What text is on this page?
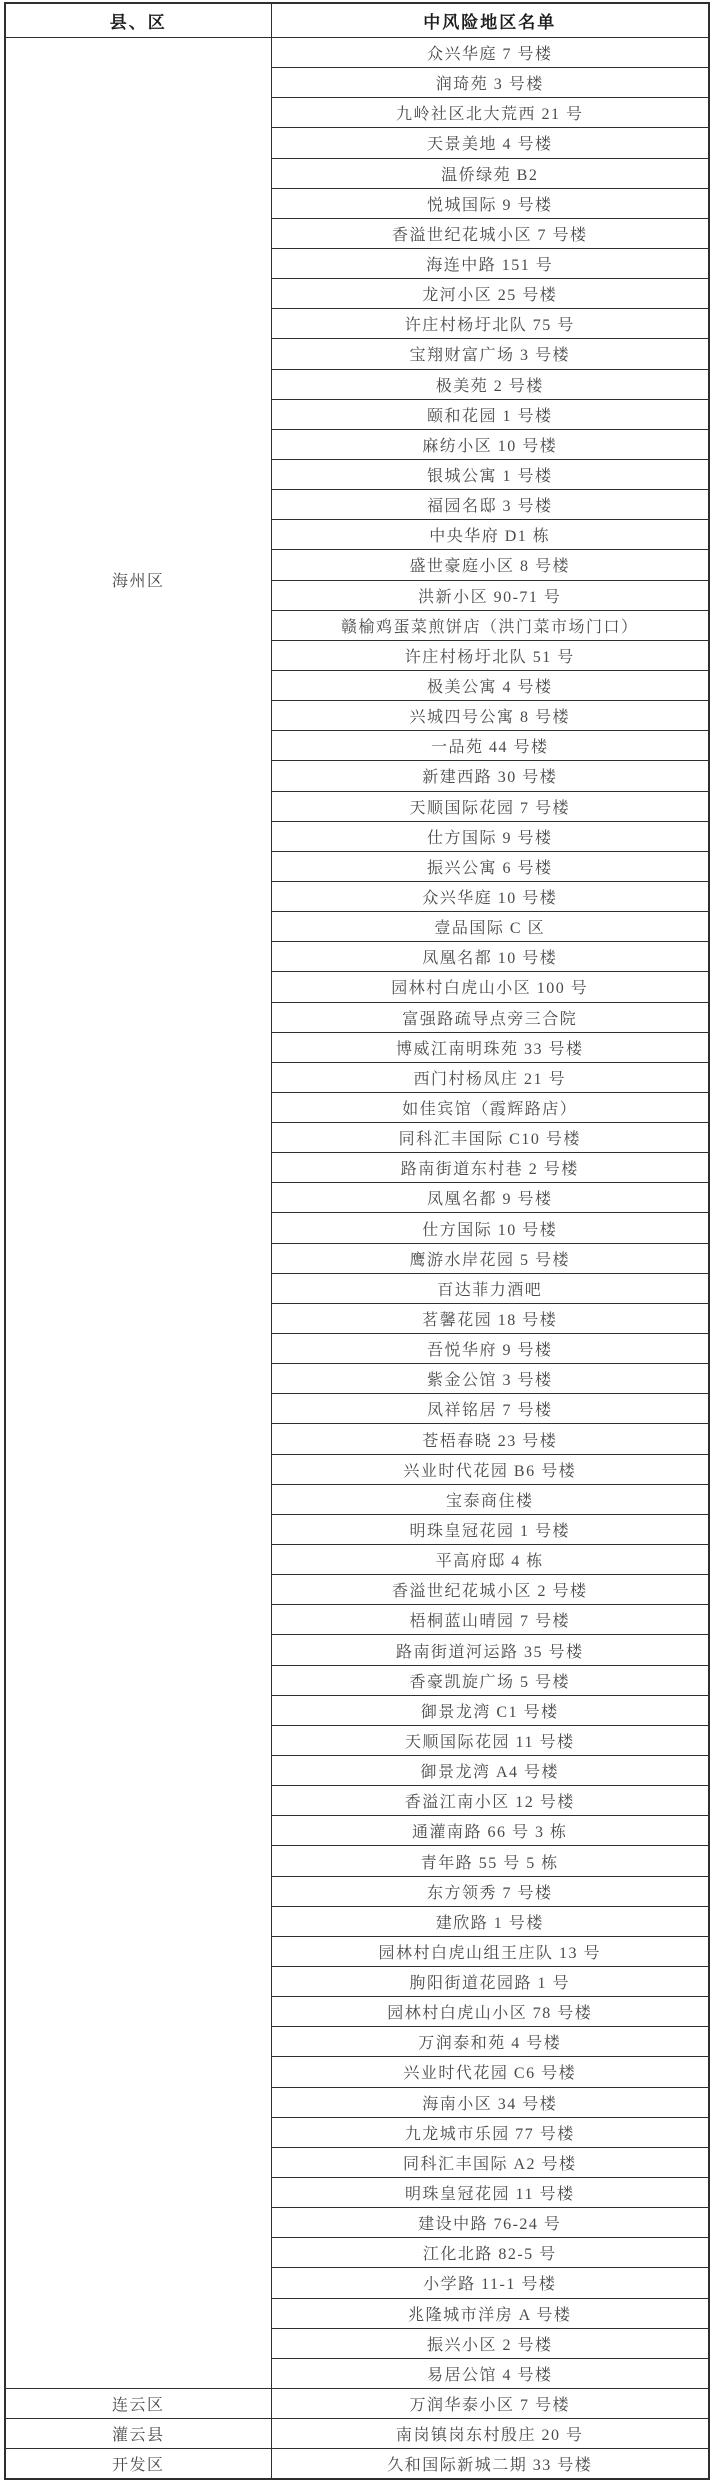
县、区	中风险地区名单

海州区	众兴华庭 7 号楼
	润琦苑 3 号楼
	九岭社区北大荒西 21 号
	天景美地 4 号楼
	温侨绿苑 B2
	悦城国际 9 号楼
	香溢世纪花城小区 7 号楼
	海连中路 151 号
	龙河小区 25 号楼
	许庄村杨圩北队 75 号
	宝翔财富广场 3 号楼
	极美苑 2 号楼
	颐和花园 1 号楼
	麻纺小区 10 号楼
	银城公寓 1 号楼
	福园名邸 3 号楼
	中央华府 D1 栋
	盛世豪庭小区 8 号楼
	洪新小区 90-71 号
	赣榆鸡蛋菜煎饼店（洪门菜市场门口）
	许庄村杨圩北队 51 号
	极美公寓 4 号楼
	兴城四号公寓 8 号楼
	一品苑 44 号楼
	新建西路 30 号楼
	天顺国际花园 7 号楼
	仕方国际 9 号楼
	振兴公寓 6 号楼
	众兴华庭 10 号楼
	壹品国际 C 区
	凤凰名都 10 号楼
	园林村白虎山小区 100 号
	富强路疏导点旁三合院
	博威江南明珠苑 33 号楼
	西门村杨凤庄 21 号
	如佳宾馆（霞辉路店）
	同科汇丰国际 C10 号楼
	路南街道东村巷 2 号楼
	凤凰名都 9 号楼
	仕方国际 10 号楼
	鹰游水岸花园 5 号楼
	百达菲力酒吧
	茗馨花园 18 号楼
	吾悦华府 9 号楼
	紫金公馆 3 号楼
	凤祥铭居 7 号楼
	苍梧春晓 23 号楼
	兴业时代花园 B6 号楼
	宝泰商住楼
	明珠皇冠花园 1 号楼
	平高府邸 4 栋
	香溢世纪花城小区 2 号楼
	梧桐蓝山晴园 7 号楼
	路南街道河运路 35 号楼
	香豪凯旋广场 5 号楼
	御景龙湾 C1 号楼
	天顺国际花园 11 号楼
	御景龙湾 A4 号楼
	香溢江南小区 12 号楼
	通灌南路 66 号 3 栋
	青年路 55 号 5 栋
	东方领秀 7 号楼
	建欣路 1 号楼
	园林村白虎山组王庄队 13 号
	朐阳街道花园路 1 号
	园林村白虎山小区 78 号楼
	万润泰和苑 4 号楼
	兴业时代花园 C6 号楼
	海南小区 34 号楼
	九龙城市乐园 77 号楼
	同科汇丰国际 A2 号楼
	明珠皇冠花园 11 号楼
	建设中路 76-24 号
	江化北路 82-5 号
	小学路 11-1 号楼
	兆隆城市洋房 A 号楼
	振兴小区 2 号楼
	易居公馆 4 号楼
连云区	万润华泰小区 7 号楼
灌云县	南岗镇岗东村殷庄 20 号
开发区	久和国际新城二期 33 号楼
